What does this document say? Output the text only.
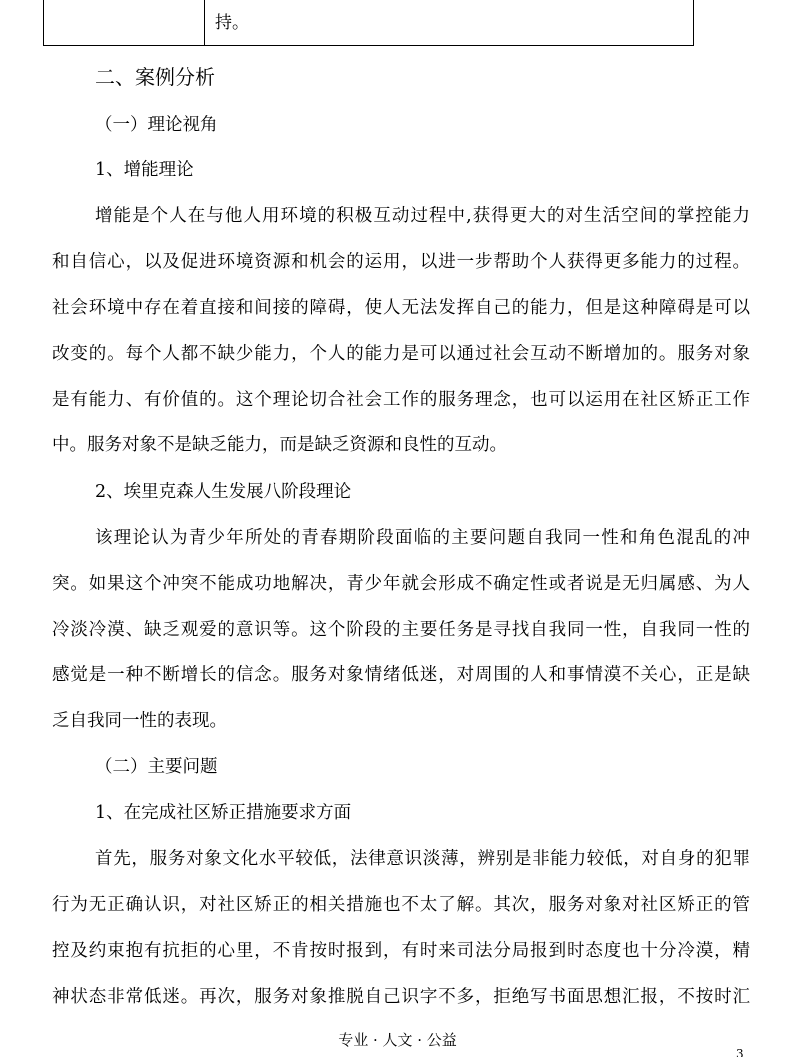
持。
二、案例分析
（一）理论视角
1、增能理论
增能是个人在与他人用环境的积极互动过程中,获得更大的对生活空间的掌控能力
和自信心，以及促进环境资源和机会的运用，以进一步帮助个人获得更多能力的过程。
社会环境中存在着直接和间接的障碍，使人无法发挥自己的能力，但是这种障碍是可以
改变的。每个人都不缺少能力，个人的能力是可以通过社会互动不断增加的。服务对象
是有能力、有价值的。这个理论切合社会工作的服务理念，也可以运用在社区矫正工作
中。服务对象不是缺乏能力，而是缺乏资源和良性的互动。
2、埃里克森人生发展八阶段理论
该理论认为青少年所处的青春期阶段面临的主要问题自我同一性和角色混乱的冲
突。如果这个冲突不能成功地解决，青少年就会形成不确定性或者说是无归属感、为人
冷淡冷漠、缺乏观爱的意识等。这个阶段的主要任务是寻找自我同一性，自我同一性的
感觉是一种不断增长的信念。服务对象情绪低迷，对周围的人和事情漠不关心，正是缺
乏自我同一性的表现。
（二）主要问题
1、在完成社区矫正措施要求方面
首先，服务对象文化水平较低，法律意识淡薄，辨别是非能力较低，对自身的犯罪
行为无正确认识，对社区矫正的相关措施也不太了解。其次，服务对象对社区矫正的管
控及约束抱有抗拒的心里，不肯按时报到，有时来司法分局报到时态度也十分冷漠，精
神状态非常低迷。再次，服务对象推脱自己识字不多，拒绝写书面思想汇报，不按时汇
专业 · 人文 · 公益
3
